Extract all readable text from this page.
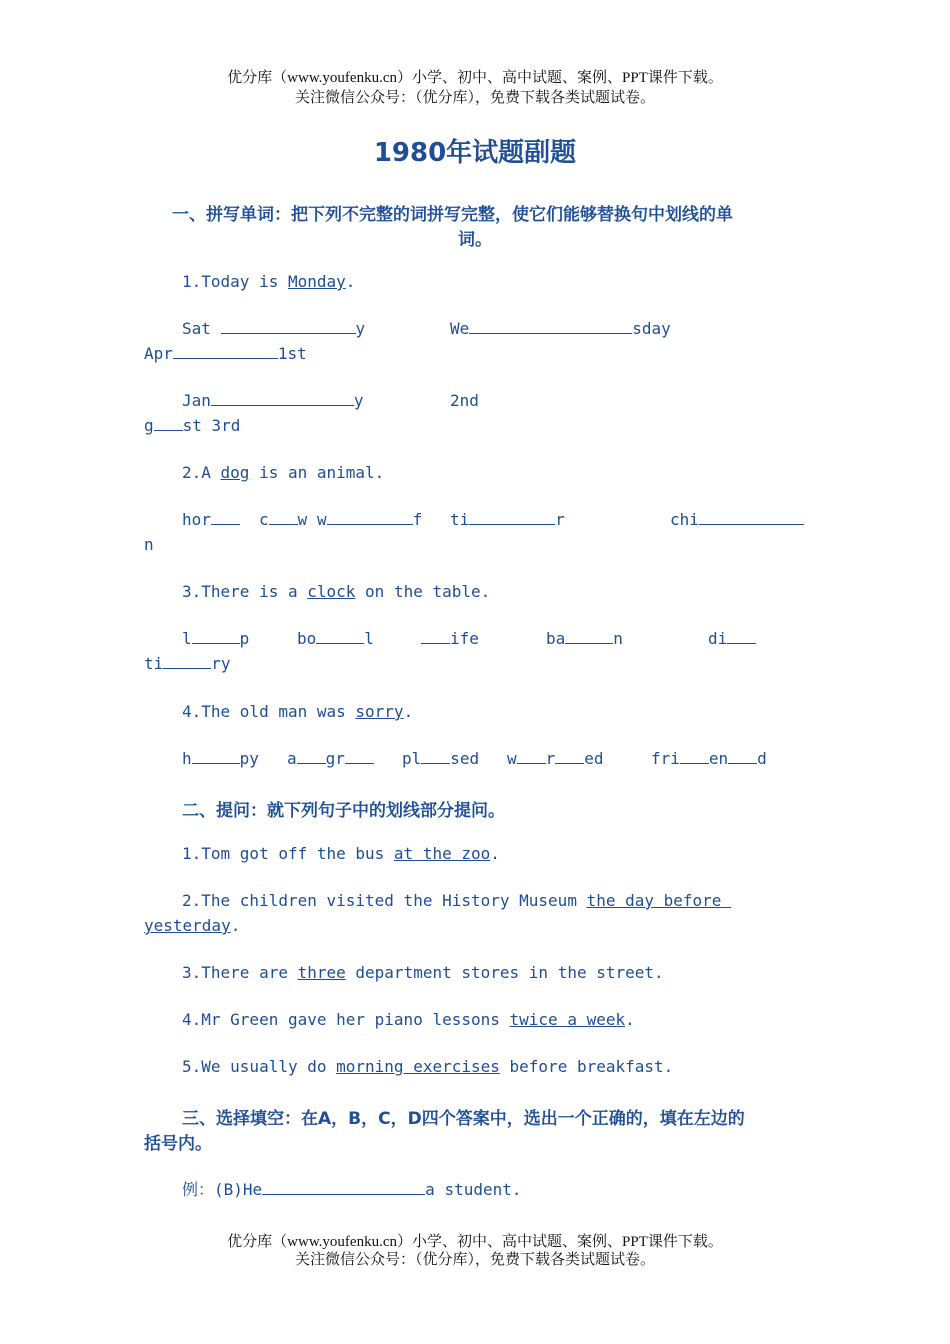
优分库（www.youfenku.cn）小学、初中、高中试题、案例、PPT课件下载。
关注微信公众号：（优分库），免费下载各类试题试卷。
1980年试题副题
一、拼写单词：把下列不完整的词拼写完整，使它们能够替换句中划线的单
词。
1.Today is Monday.
Sat	y	We	sday
Apr	1st
Jan	y	2nd
g st 3rd
2.A dog is an animal.
hor	c w w	f ti	r	chi
n
3.There is a clock on the table.
l	p	bo	l	ife	ba	n	di
ti	ry
4.The old man was sorry.
h	py a gr	pl sed w r ed	fri en d
二、提问：就下列句子中的划线部分提问。
1.Tom got off the bus at the zoo.
2.The children visited the History Museum the day before
yesterday.
3.There are three department stores in the street.
4.Mr Green gave her piano lessons twice a week.
5.We usually do morning exercises before breakfast.
三、选择填空：在A，B，C，D四个答案中，选出一个正确的，填在左边的
括号内。
例：(B)He	a student.
优分库（www.youfenku.cn）小学、初中、高中试题、案例、PPT课件下载。
关注微信公众号：（优分库），免费下载各类试题试卷。
